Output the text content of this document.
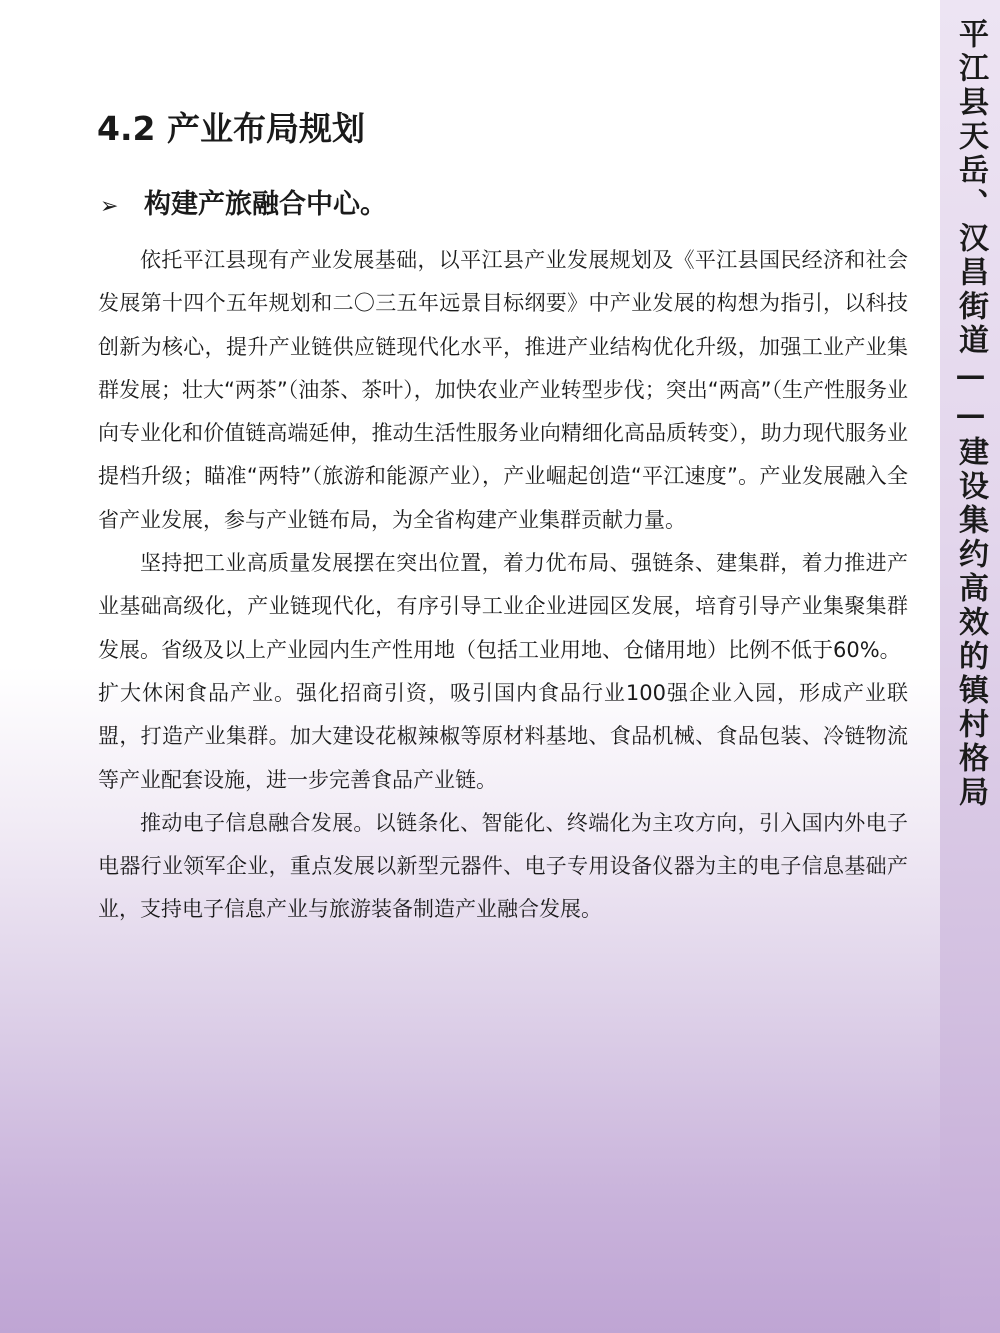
4.2 产业布局规划
➢ 构建产旅融合中心。

依托平江县现有产业发展基础，以平江县产业发展规划及《平江县国民经济和社会发展第十四个五年规划和二〇三五年远景目标纲要》中产业发展的构想为指引，以科技创新为核心，提升产业链供应链现代化水平，推进产业结构优化升级，加强工业产业集群发展；壮大“两茶”（油茶、茶叶），加快农业产业转型步伐；突出“两高”（生产性服务业向专业化和价值链高端延伸，推动生活性服务业向精细化高品质转变），助力现代服务业提档升级；瞄准“两特”（旅游和能源产业），产业崛起创造“平江速度”。产业发展融入全省产业发展，参与产业链布局，为全省构建产业集群贡献力量。

坚持把工业高质量发展摆在突出位置，着力优布局、强链条、建集群，着力推进产业基础高级化，产业链现代化，有序引导工业企业进园区发展，培育引导产业集聚集群发展。省级及以上产业园内生产性用地（包括工业用地、仓储用地）比例不低于60%。

扩大休闲食品产业。强化招商引资，吸引国内食品行业100强企业入园，形成产业联盟，打造产业集群。加大建设花椒辣椒等原材料基地、食品机械、食品包装、冷链物流等产业配套设施，进一步完善食品产业链。

推动电子信息融合发展。以链条化、智能化、终端化为主攻方向，引入国内外电子电器行业领军企业，重点发展以新型元器件、电子专用设备仪器为主的电子信息基础产业，支持电子信息产业与旅游装备制造产业融合发展。

平江县天岳、汉昌街道——建设集约高效的镇村格局
